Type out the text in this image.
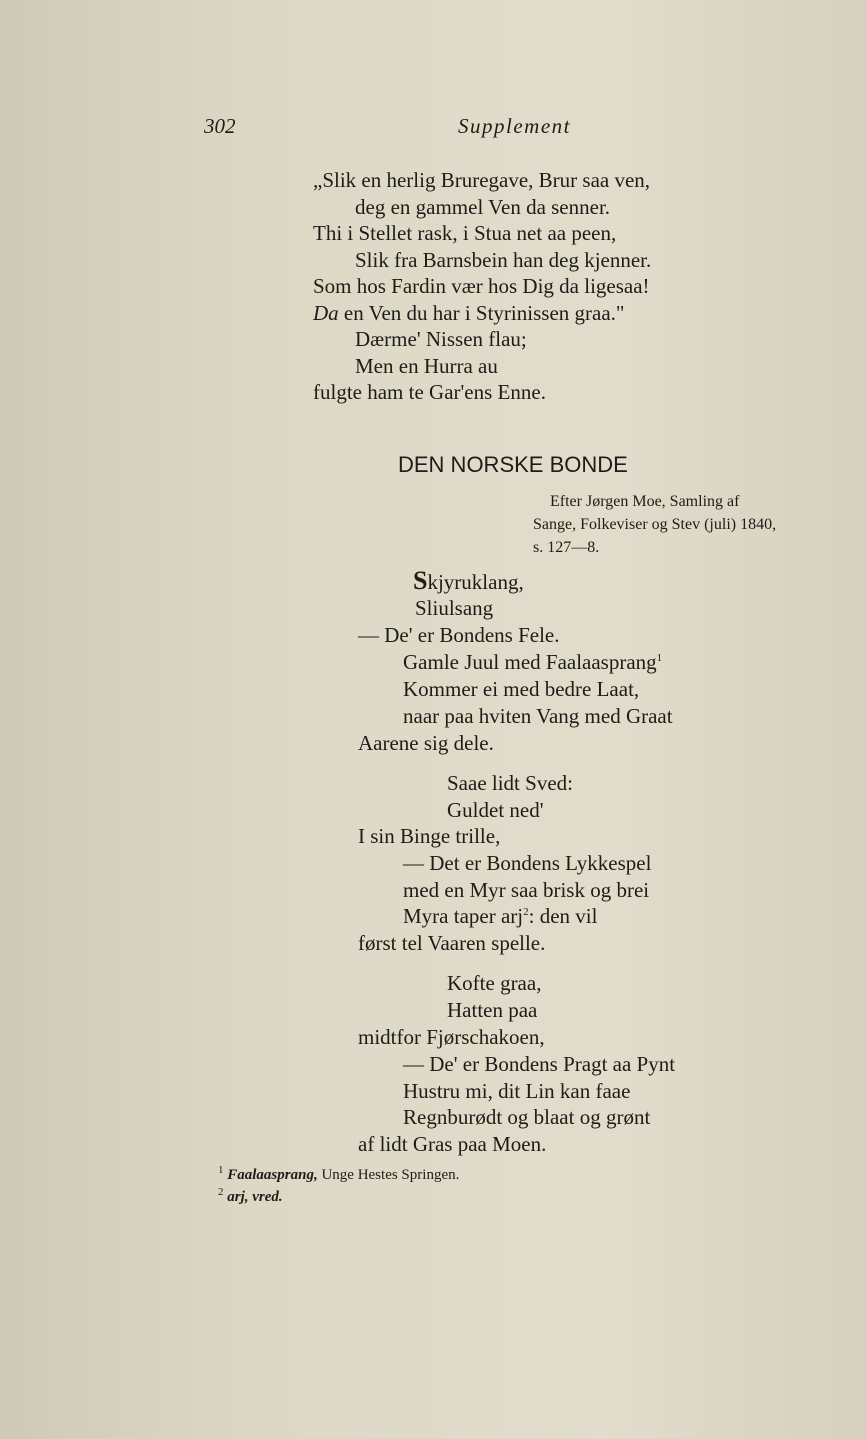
302	Supplement
„Slik en herlig Bruregave, Brur saa ven,
deg en gammel Ven da senner.
Thi i Stellet rask, i Stua net aa peen,
Slik fra Barnsbein han deg kjenner.
Som hos Fardin vær hos Dig da ligesaa!
Da en Ven du har i Styrinissen graa."
Dærme' Nissen flau;
Men en Hurra au
fulgte ham te Gar'ens Enne.
DEN NORSKE BONDE
Efter Jørgen Moe, Samling af
Sange, Folkeviser og Stev (juli) 1840,
s. 127—8.
Skjyruklang,
Sliulsang
— De' er Bondens Fele.
Gamle Juul med Faalaasprang$^1$
Kommer ei med bedre Laat,
naar paa hviten Vang med Graat
Aarene sig dele.
Saae lidt Sved:
Guldet ned'
I sin Binge trille,
— Det er Bondens Lykkespel
med en Myr saa brisk og brei
Myra taper arj$^2$: den vil
først tel Vaaren spelle.
Kofte graa,
Hatten paa
midtfor Fjørschakoen,
— De' er Bondens Pragt aa Pynt
Hustru mi, dit Lin kan faae
Regnburødt og blaat og grønt
af lidt Gras paa Moen.
$^1$ Faalaasprang, Unge Hestes Springen.
$^2$ arj, vred.
